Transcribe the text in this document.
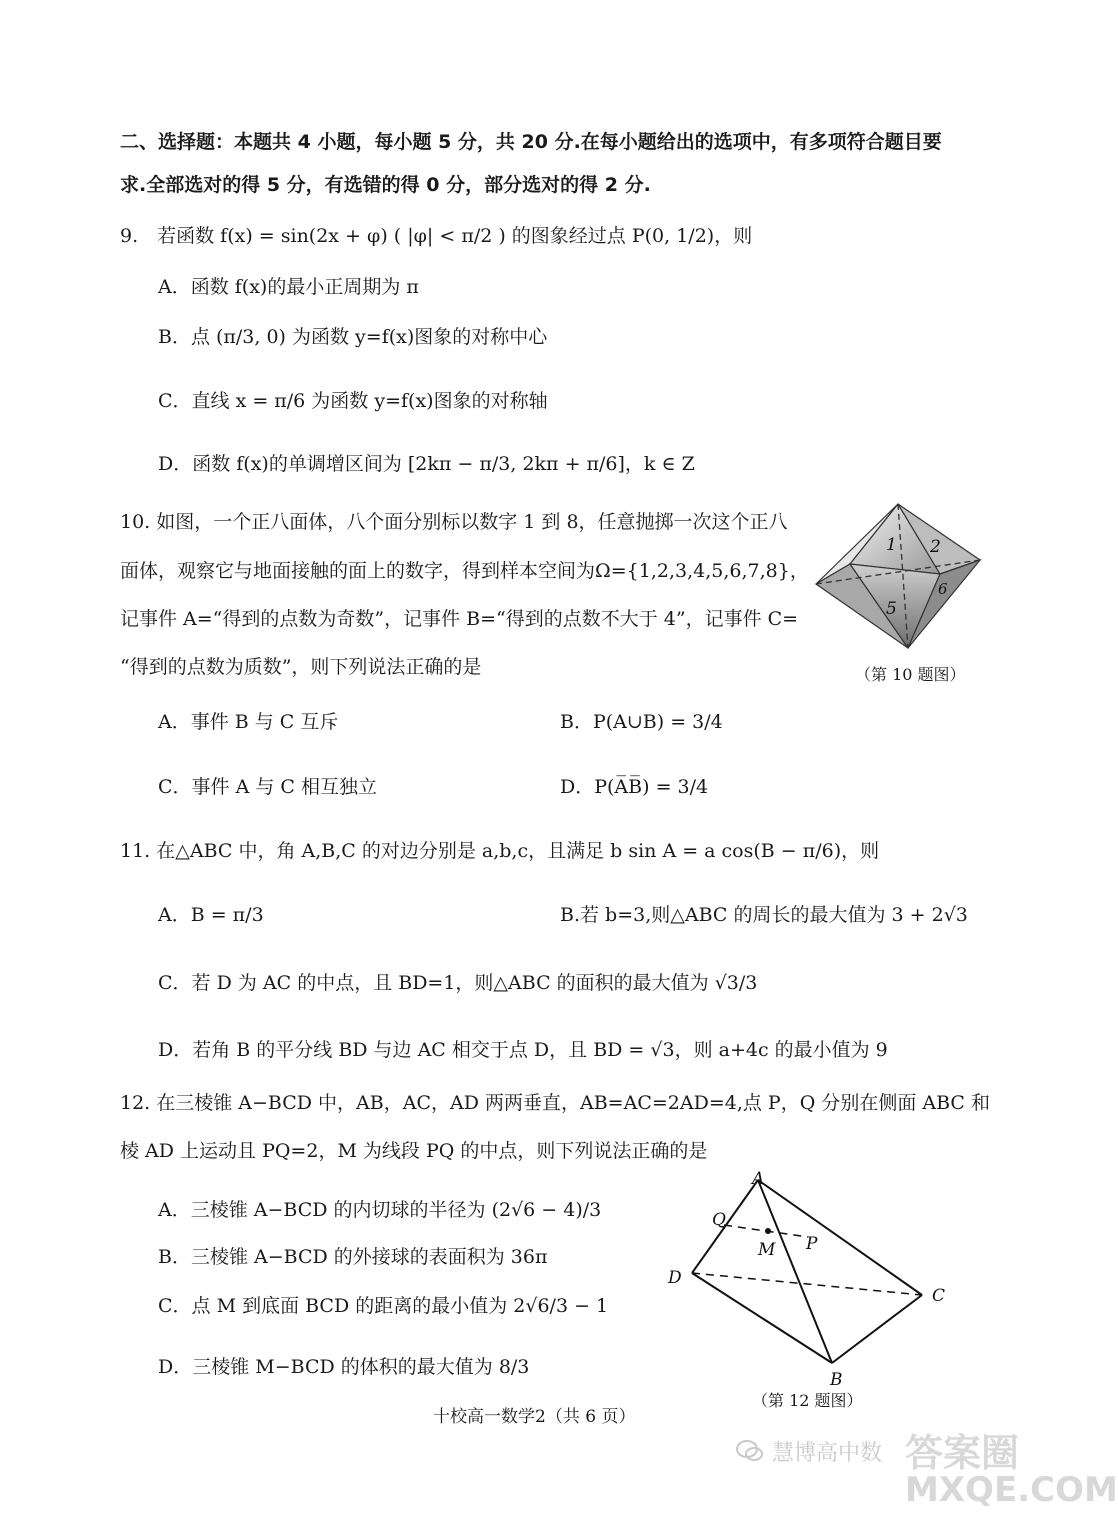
二、选择题：本题共 4 小题，每小题 5 分，共 20 分.在每小题给出的选项中，有多项符合题目要
求.全部选对的得 5 分，有选错的得 0 分，部分选对的得 2 分.
9.　若函数 f(x) = sin(2x + φ) ( |φ| < π/2 ) 的图象经过点 P(0, 1/2)，则
A．函数 f(x)的最小正周期为 π
B．点 (π/3, 0) 为函数 y=f(x)图象的对称中心
C．直线 x = π/6 为函数 y=f(x)图象的对称轴
D．函数 f(x)的单调增区间为 [2kπ − π/3, 2kπ + π/6]，k ∈ Z
10. 如图，一个正八面体，八个面分别标以数字 1 到 8，任意抛掷一次这个正八
面体，观察它与地面接触的面上的数字，得到样本空间为Ω={1,2,3,4,5,6,7,8}，
记事件 A=“得到的点数为奇数”，记事件 B=“得到的点数不大于 4”，记事件 C=
“得到的点数为质数”，则下列说法正确的是
1 2
5
6
（第 10 题图）
A．事件 B 与 C 互斥	B．P(A∪B) = 3/4
C．事件 A 与 C 相互独立	D．P(A̅B̅) = 3/4
11. 在△ABC 中，角 A,B,C 的对边分别是 a,b,c，且满足 b sin A = a cos(B − π/6)，则
A．B = π/3	B.若 b=3,则△ABC 的周长的最大值为 3 + 2√3
C．若 D 为 AC 的中点，且 BD=1，则△ABC 的面积的最大值为 √3/3
D．若角 B 的平分线 BD 与边 AC 相交于点 D，且 BD = √3，则 a+4c 的最小值为 9
12. 在三棱锥 A−BCD 中，AB，AC，AD 两两垂直，AB=AC=2AD=4,点 P，Q 分别在侧面 ABC 和
棱 AD 上运动且 PQ=2，M 为线段 PQ 的中点，则下列说法正确的是
A．三棱锥 A−BCD 的内切球的半径为 (2√6 − 4)/3
B．三棱锥 A−BCD 的外接球的表面积为 36π
C．点 M 到底面 BCD 的距离的最小值为 2√6/3 − 1
D．三棱锥 M−BCD 的体积的最大值为 8/3
A
Q
M P
D
C
B
（第 12 题图）
十校高一数学2（共 6 页）
慧博高中数 答案圈
MXQE.COM
